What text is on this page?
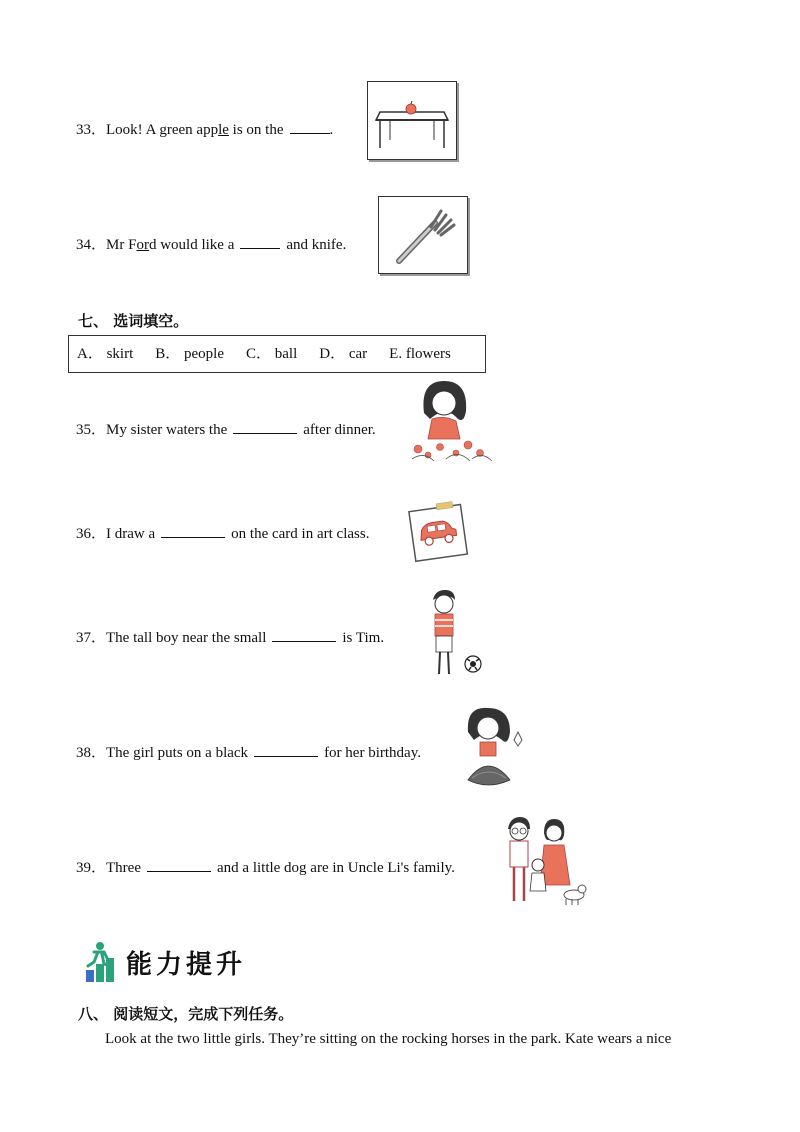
33．Look! A green apple is on the	.
34．Mr Ford would like a	and knife.
七、 选词填空。
A． skirt B． people C． ball D． car E. flowers
35．My sister waters the	after dinner.
36．I draw a	on the card in art class.
37．The tall boy near the small	is Tim.
38．The girl puts on a black	for her birthday.
39．Three	and a little dog are in Uncle Li's family.
能力提升
八、 阅读短文，完成下列任务。
Look at the two little girls. They’re sitting on the rocking horses in the park. Kate wears a nice
